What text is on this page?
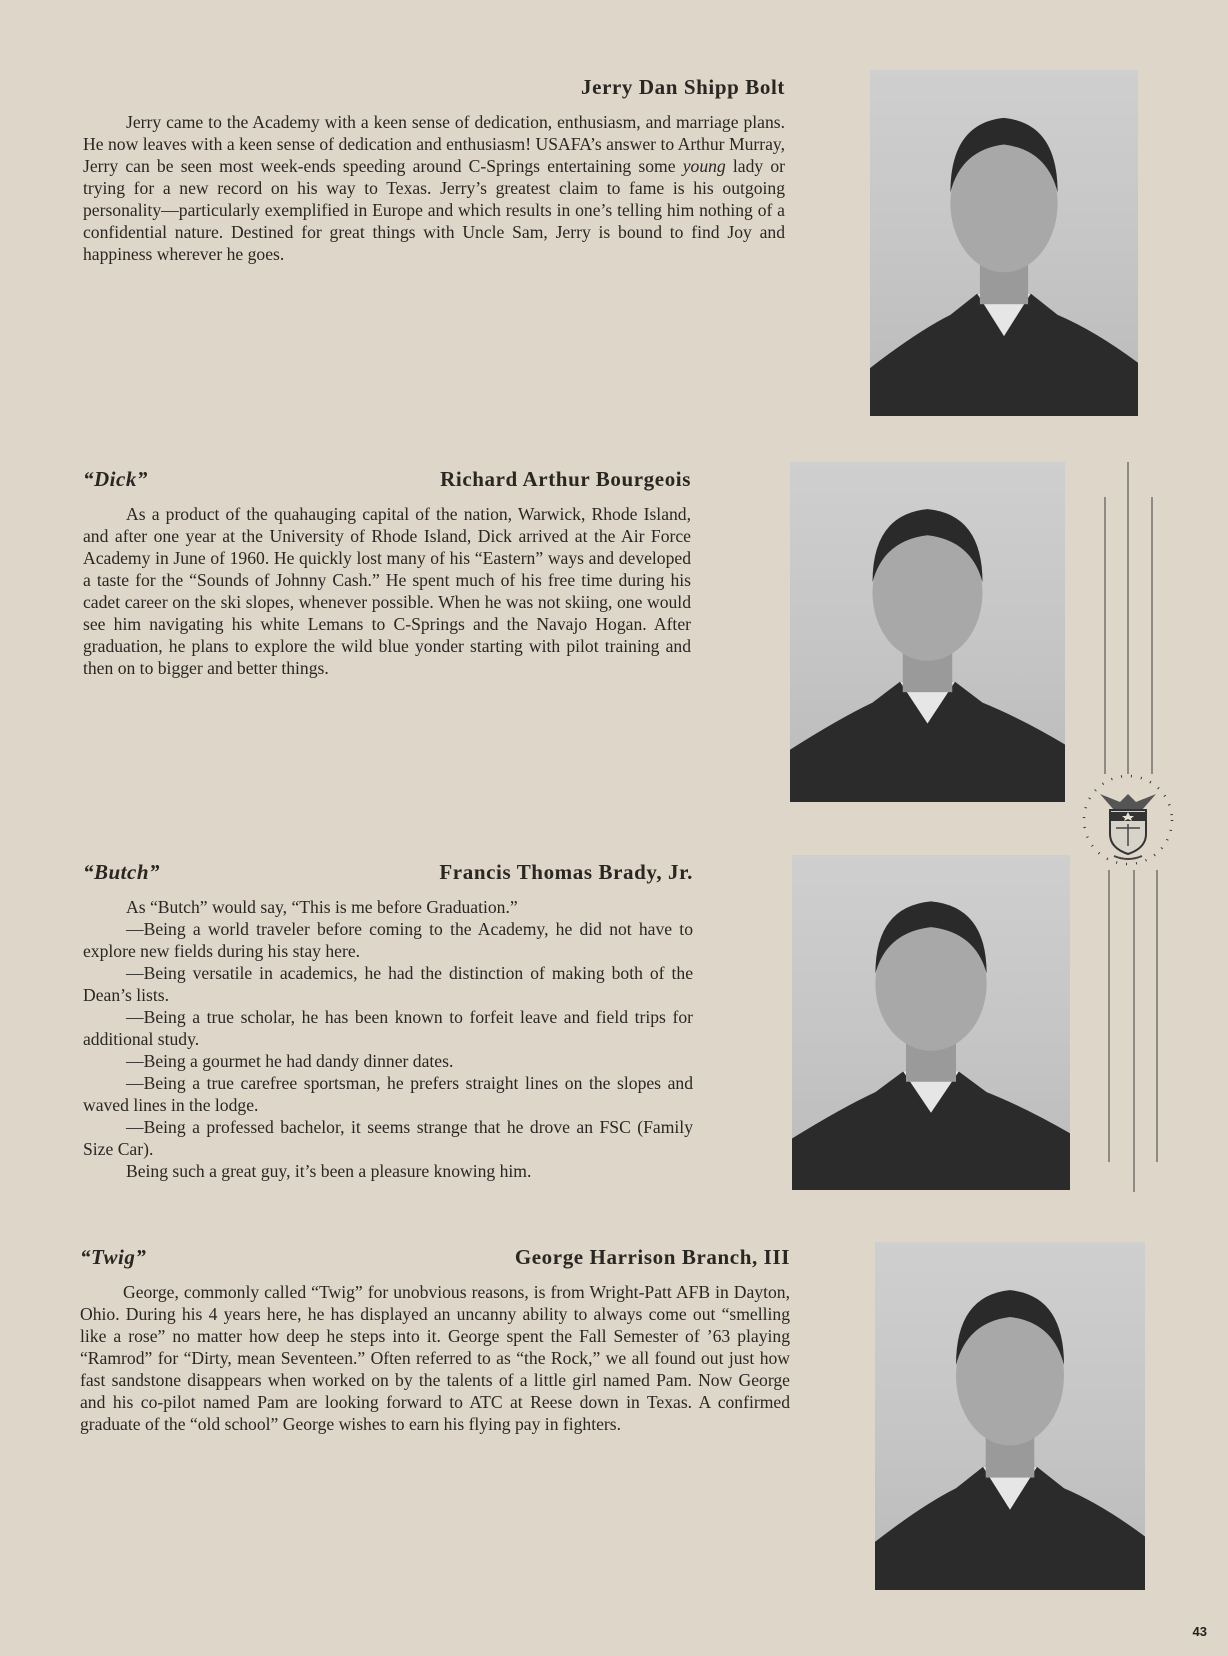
Jerry Dan Shipp Bolt

Jerry came to the Academy with a keen sense of dedication, enthusiasm, and marriage plans. He now leaves with a keen sense of dedication and enthusiasm! USAFA’s answer to Arthur Murray, Jerry can be seen most week-ends speeding around C-Springs entertaining some young lady or trying for a new record on his way to Texas. Jerry’s greatest claim to fame is his outgoing personality—particularly exemplified in Europe and which results in one’s telling him nothing of a confidential nature. Destined for great things with Uncle Sam, Jerry is bound to find Joy and happiness wherever he goes.

“Dick”	Richard Arthur Bourgeois

As a product of the quahauging capital of the nation, Warwick, Rhode Island, and after one year at the University of Rhode Island, Dick arrived at the Air Force Academy in June of 1960. He quickly lost many of his “Eastern” ways and developed a taste for the “Sounds of Johnny Cash.” He spent much of his free time during his cadet career on the ski slopes, whenever possible. When he was not skiing, one would see him navigating his white Lemans to C-Springs and the Navajo Hogan. After graduation, he plans to explore the wild blue yonder starting with pilot training and then on to bigger and better things.

“Butch”	Francis Thomas Brady, Jr.

As “Butch” would say, “This is me before Graduation.”

—Being a world traveler before coming to the Academy, he did not have to explore new fields during his stay here.

—Being versatile in academics, he had the distinction of making both of the Dean’s lists.

—Being a true scholar, he has been known to forfeit leave and field trips for additional study.

—Being a gourmet he had dandy dinner dates.

—Being a true carefree sportsman, he prefers straight lines on the slopes and waved lines in the lodge.

—Being a professed bachelor, it seems strange that he drove an FSC (Family Size Car).

Being such a great guy, it’s been a pleasure knowing him.

“Twig”	George Harrison Branch, III

George, commonly called “Twig” for unobvious reasons, is from Wright-Patt AFB in Dayton, Ohio. During his 4 years here, he has displayed an uncanny ability to always come out “smelling like a rose” no matter how deep he steps into it. George spent the Fall Semester of ’63 playing “Ramrod” for “Dirty, mean Seventeen.” Often referred to as “the Rock,” we all found out just how fast sandstone disappears when worked on by the talents of a little girl named Pam. Now George and his co-pilot named Pam are looking forward to ATC at Reese down in Texas. A confirmed graduate of the “old school” George wishes to earn his flying pay in fighters.

43
